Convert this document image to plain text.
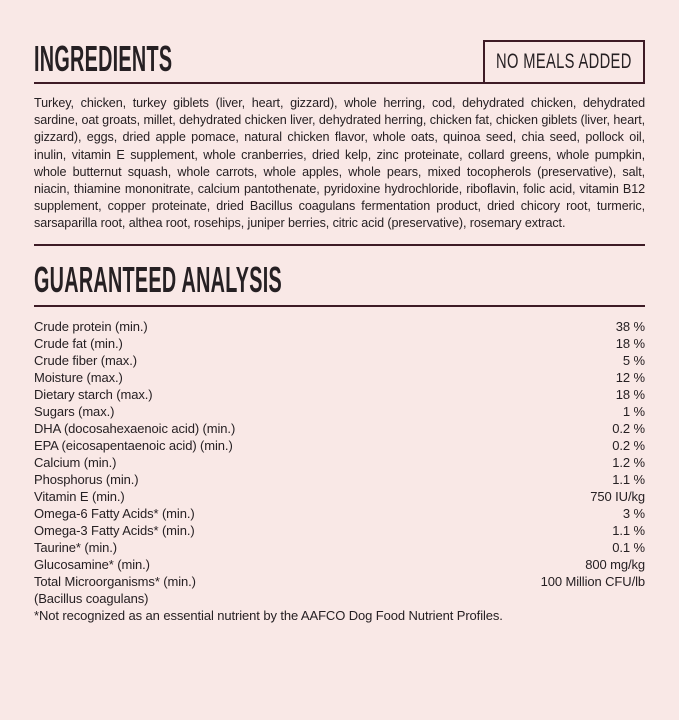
INGREDIENTS	NO MEALS ADDED

Turkey, chicken, turkey giblets (liver, heart, gizzard), whole herring, cod, dehydrated chicken, dehydrated sardine, oat groats, millet, dehydrated chicken liver, dehydrated herring, chicken fat, chicken giblets (liver, heart, gizzard), eggs, dried apple pomace, natural chicken flavor, whole oats, quinoa seed, chia seed, pollock oil, inulin, vitamin E supplement, whole cranberries, dried kelp, zinc proteinate, collard greens, whole pumpkin, whole butternut squash, whole carrots, whole apples, whole pears, mixed tocopherols (preservative), salt, niacin, thiamine mononitrate, calcium pantothenate, pyridoxine hydrochloride, riboflavin, folic acid, vitamin B12 supplement, copper proteinate, dried Bacillus coagulans fermentation product, dried chicory root, turmeric, sarsaparilla root, althea root, rosehips, juniper berries, citric acid (preservative), rosemary extract.

GUARANTEED ANALYSIS
Crude protein (min.)	38 %
Crude fat (min.)	18 %
Crude fiber (max.)	5 %
Moisture (max.)	12 %
Dietary starch (max.)	18 %
Sugars (max.)	1 %
DHA (docosahexaenoic acid) (min.)	0.2 %
EPA (eicosapentaenoic acid) (min.)	0.2 %
Calcium (min.)	1.2 %
Phosphorus (min.)	1.1 %
Vitamin E (min.)	750 IU/kg
Omega-6 Fatty Acids* (min.)	3 %
Omega-3 Fatty Acids* (min.)	1.1 %
Taurine* (min.)	0.1 %
Glucosamine* (min.)	800 mg/kg
Total Microorganisms* (min.)	100 Million CFU/lb
(Bacillus coagulans)

*Not recognized as an essential nutrient by the AAFCO Dog Food Nutrient Profiles.
